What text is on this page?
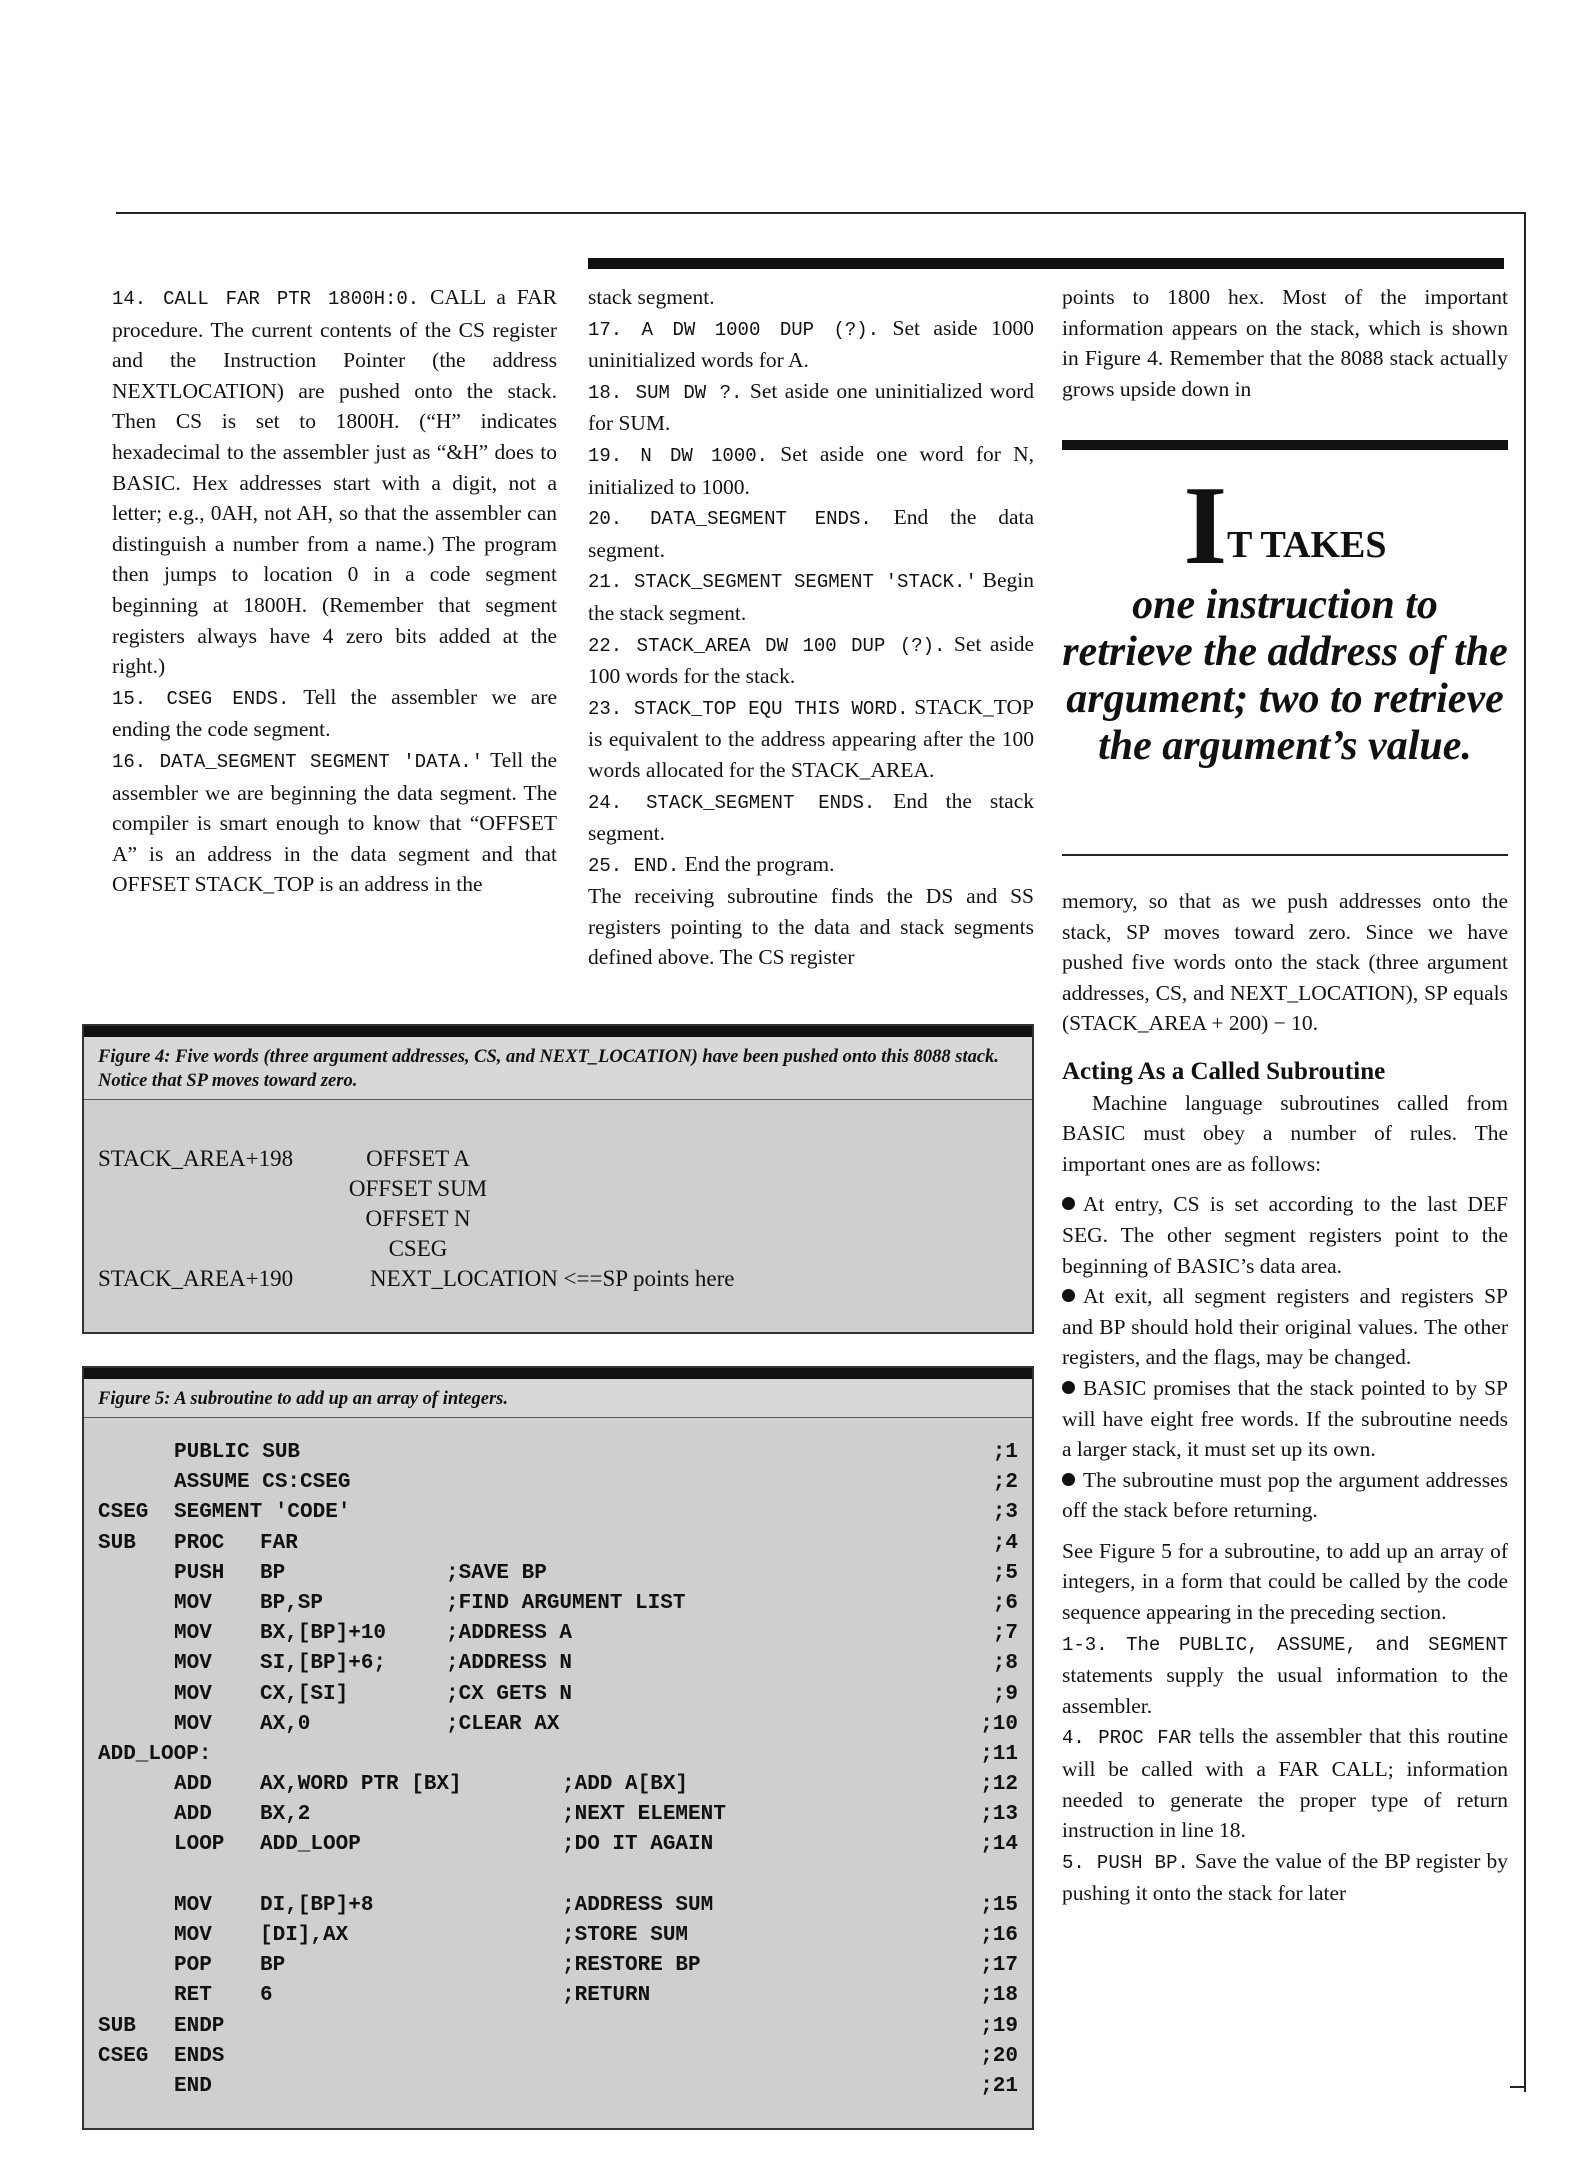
14. CALL FAR PTR 1800H:0. CALL a FAR procedure. The current contents of the CS register and the Instruction Pointer (the address NEXTLOCATION) are pushed onto the stack. Then CS is set to 1800H. (“H” indicates hexadecimal to the assembler just as “&H” does to BASIC. Hex addresses start with a digit, not a letter; e.g., 0AH, not AH, so that the assembler can distinguish a number from a name.) The program then jumps to location 0 in a code segment beginning at 1800H. (Remember that segment registers always have 4 zero bits added at the right.)

15. CSEG ENDS. Tell the assembler we are ending the code segment.

16. DATA_SEGMENT SEGMENT 'DATA.' Tell the assembler we are beginning the data segment. The compiler is smart enough to know that “OFFSET A” is an address in the data segment and that OFFSET STACK_TOP is an address in the

stack segment.

17. A DW 1000 DUP (?). Set aside 1000 uninitialized words for A.

18. SUM DW ?. Set aside one uninitialized word for SUM.

19. N DW 1000. Set aside one word for N, initialized to 1000.

20. DATA_SEGMENT ENDS. End the data segment.

21. STACK_SEGMENT SEGMENT 'STACK.' Begin the stack segment.

22. STACK_AREA DW 100 DUP (?). Set aside 100 words for the stack.

23. STACK_TOP EQU THIS WORD. STACK_TOP is equivalent to the address appearing after the 100 words allocated for the STACK_AREA.

24. STACK_SEGMENT ENDS. End the stack segment.

25. END. End the program.

The receiving subroutine finds the DS and SS registers pointing to the data and stack segments defined above. The CS register

points to 1800 hex. Most of the important information appears on the stack, which is shown in Figure 4. Remember that the 8088 stack actually grows upside down in

IT TAKES
one instruction to retrieve the address of the argument; two to retrieve the argument’s value.

memory, so that as we push addresses onto the stack, SP moves toward zero. Since we have pushed five words onto the stack (three argument addresses, CS, and NEXT_LOCATION), SP equals (STACK_AREA + 200) − 10.

Acting As a Called Subroutine

Machine language subroutines called from BASIC must obey a number of rules. The important ones are as follows:

At entry, CS is set according to the last DEF SEG. The other segment registers point to the beginning of BASIC’s data area.

At exit, all segment registers and registers SP and BP should hold their original values. The other registers, and the flags, may be changed.

BASIC promises that the stack pointed to by SP will have eight free words. If the subroutine needs a larger stack, it must set up its own.

The subroutine must pop the argument addresses off the stack before returning.

See Figure 5 for a subroutine, to add up an array of integers, in a form that could be called by the code sequence appearing in the preceding section.

1-3. The PUBLIC, ASSUME, and SEGMENT statements supply the usual information to the assembler.

4. PROC FAR tells the assembler that this routine will be called with a FAR CALL; information needed to generate the proper type of return instruction in line 18.

5. PUSH BP. Save the value of the BP register by pushing it onto the stack for later

Figure 4: Five words (three argument addresses, CS, and NEXT_LOCATION) have been pushed onto this 8088 stack. Notice that SP moves toward zero.
STACK_AREA+198	OFFSET A
OFFSET SUM
OFFSET N
CSEG
STACK_AREA+190	NEXT_LOCATION <==SP points here
Figure 5: A subroutine to add up an array of integers.
PUBLIC SUB	;1
ASSUME CS:CSEG	;2
CSEG SEGMENT 'CODE'	;3
SUB PROC FAR	;4
PUSH BP	;SAVE BP	;5
MOV BP,SP	;FIND ARGUMENT LIST	;6
MOV BX,[BP]+10	;ADDRESS A	;7
MOV SI,[BP]+6;	;ADDRESS N	;8
MOV CX,[SI]	;CX GETS N	;9
MOV AX,0	;CLEAR AX	;10
ADD_LOOP:	;11
ADD AX,WORD PTR [BX]	;ADD A[BX]	;12
ADD BX,2	;NEXT ELEMENT	;13
LOOP ADD_LOOP	;DO IT AGAIN	;14
MOV DI,[BP]+8	;ADDRESS SUM	;15
MOV [DI],AX	;STORE SUM	;16
POP BP	;RESTORE BP	;17
RET 6	;RETURN	;18
SUB ENDP	;19
CSEG ENDS	;20
END	;21
